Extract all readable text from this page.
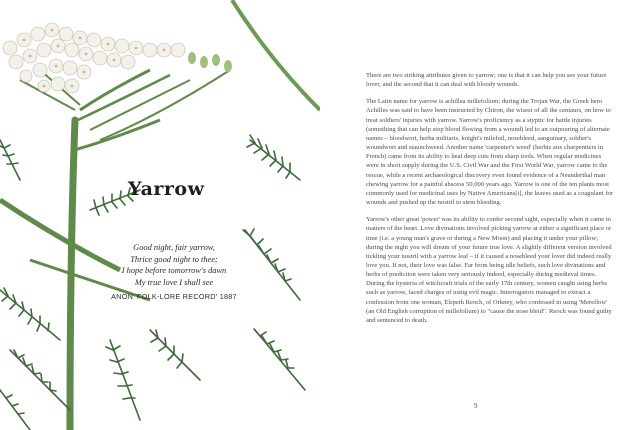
Yarrow
Good night, fair yarrow,
Thrice good night to thee;
I hope before tomorrow's dawn
My true love I shall see
ANON 'FOLK-LORE RECORD' 1887

There are two striking attributes given to yarrow; one is that it can help you see your future lover, and the second that it can deal with bloody wounds.

The Latin name for yarrow is achillea millefolium; during the Trojan War, the Greek hero Achilles was said to have been instructed by Chiron, the wisest of all the centaurs, on how to treat soldiers' injuries with yarrow. Yarrow's proficiency as a styptic for battle injuries (something that can help stop blood flowing from a wound) led to an outpouring of alternate names – bloodwort, herba militaris, knight's milefoil, nosebleed, sanguinary, soldier's woundwort and staunchweed. Another name 'carpenter's weed' (herbis aux charpentiers in French) came from its ability to heal deep cuts from sharp tools. When regular medicines were in short supply during the U.S. Civil War and the First World War, yarrow came to the rescue, while a recent archaeological discovery even found evidence of a Neanderthal man chewing yarrow for a painful abscess 50,000 years ago. Yarrow is one of the ten plants most commonly used for medicinal uses by Native Americans[i], the leaves used as a coagulant for wounds and pushed up the nostril to stem bleeding.

Yarrow's other great 'power' was its ability to confer second sight, especially when it came to matters of the heart. Love divinations involved picking yarrow at either a significant place or time (i.e. a young man's grave or during a New Moon) and placing it under your pillow; during the night you will dream of your future true love. A slightly different version involved tickling your nostril with a yarrow leaf – if it caused a nosebleed your lover did indeed really love you. If not, their love was false. Far from being idle beliefs, such love divinations and herbs of prediction were taken very seriously indeed, especially during medieval times. During the hysteria of witchcraft trials of the early 17th century, women caught using herbs such as yarrow, faced charges of using evil magic. Interrogators managed to extract a confession from one woman, Elspeth Reoch, of Orkney, who confessed to using 'Mereflow' (an Old English corruption of millefolium) to "cause the nose bleid". Reoch was found guilty and sentenced to death.

9
